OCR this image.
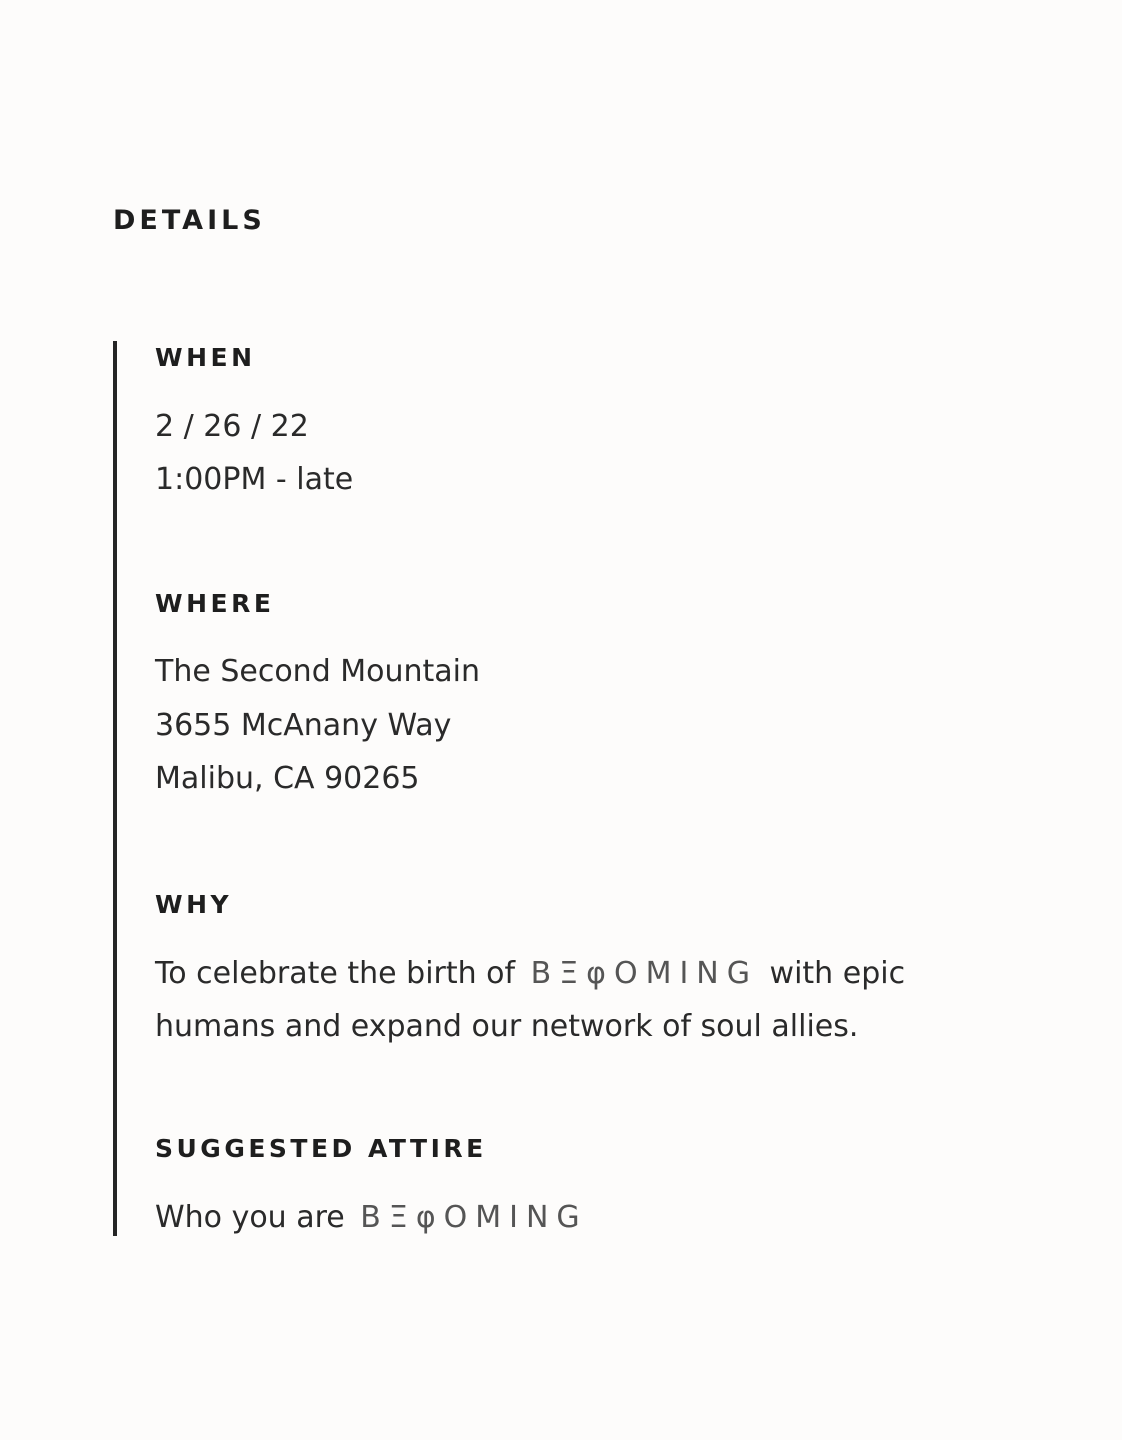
DETAILS
WHEN
2 / 26 / 22
1:00PM - late
WHERE
The Second Mountain
3655 McAnany Way
Malibu, CA 90265
WHY
To celebrate the birth of BΞφOMING with epic
humans and expand our network of soul allies.
SUGGESTED ATTIRE
Who you are BΞφOMING
